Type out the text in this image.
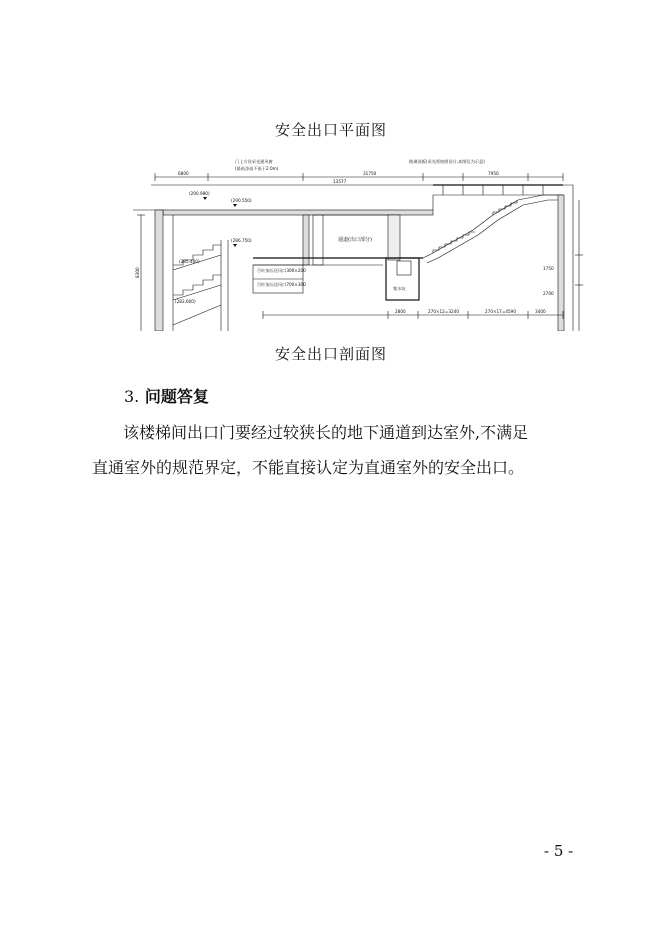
安全出口平面图
门上方设采光通风窗
(最低净高不低于2.0m)
玻璃顶板(采光须按照设计,本图仅为示意)
6800
13577
31750	7950
(290.980)
(290.550)
(286.750)
(285.400)
(282.600)
通道(出口部分)
百叶加压送风口300×200
百叶加压送风口700×300
集水坑
8300	1750
2700
2800	270×12=3240	270×17=4590	3400
安全出口剖面图
3. 问题答复
该楼梯间出口门要经过较狭长的地下通道到达室外,不满足
直通室外的规范界定，不能直接认定为直通室外的安全出口。
- 5 -
